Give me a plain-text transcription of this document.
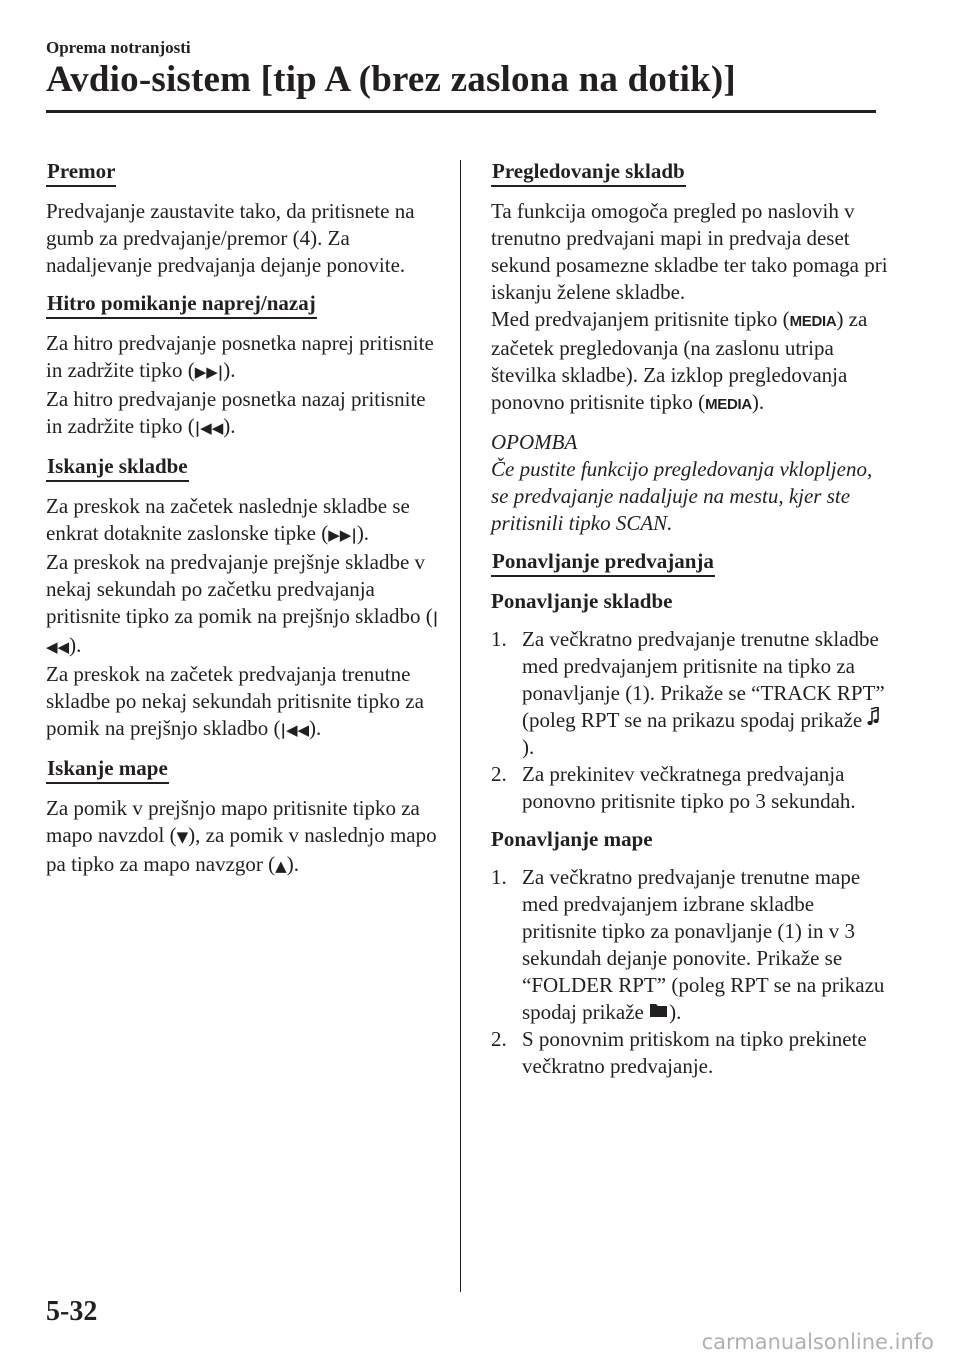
Oprema notranjosti
Avdio-sistem [tip A (brez zaslona na dotik)]
Premor
Predvajanje zaustavite tako, da pritisnete na gumb za predvajanje/premor (4). Za nadaljevanje predvajanja dejanje ponovite.
Hitro pomikanje naprej/nazaj
Za hitro predvajanje posnetka naprej pritisnite in zadržite tipko (▶▶|).
Za hitro predvajanje posnetka nazaj pritisnite in zadržite tipko (|◀◀).
Iskanje skladbe
Za preskok na začetek naslednje skladbe se enkrat dotaknite zaslonske tipke (▶▶|).
Za preskok na predvajanje prejšnje skladbe v nekaj sekundah po začetku predvajanja pritisnite tipko za pomik na prejšnjo skladbo (|◀◀).
Za preskok na začetek predvajanja trenutne skladbe po nekaj sekundah pritisnite tipko za pomik na prejšnjo skladbo (|◀◀).
Iskanje mape
Za pomik v prejšnjo mapo pritisnite tipko za mapo navzdol (▼), za pomik v naslednjo mapo pa tipko za mapo navzgor (▲).
Pregledovanje skladb
Ta funkcija omogoča pregled po naslovih v trenutno predvajani mapi in predvaja deset sekund posamezne skladbe ter tako pomaga pri iskanju želene skladbe.
Med predvajanjem pritisnite tipko (MEDIA) za začetek pregledovanja (na zaslonu utripa številka skladbe). Za izklop pregledovanja ponovno pritisnite tipko (MEDIA).
OPOMBA
Če pustite funkcijo pregledovanja vklopljeno, se predvajanje nadaljuje na mestu, kjer ste pritisnili tipko SCAN.
Ponavljanje predvajanja
Ponavljanje skladbe
1. Za večkratno predvajanje trenutne skladbe med predvajanjem pritisnite na tipko za ponavljanje (1). Prikaže se “TRACK RPT” (poleg RPT se na prikazu spodaj prikaže ).
2. Za prekinitev večkratnega predvajanja ponovno pritisnite tipko po 3 sekundah.
Ponavljanje mape
1. Za večkratno predvajanje trenutne mape med predvajanjem izbrane skladbe pritisnite tipko za ponavljanje (1) in v 3 sekundah dejanje ponovite. Prikaže se “FOLDER RPT” (poleg RPT se na prikazu spodaj prikaže ).
2. S ponovnim pritiskom na tipko prekinete večkratno predvajanje.
5-32
carmanualsonline.info
